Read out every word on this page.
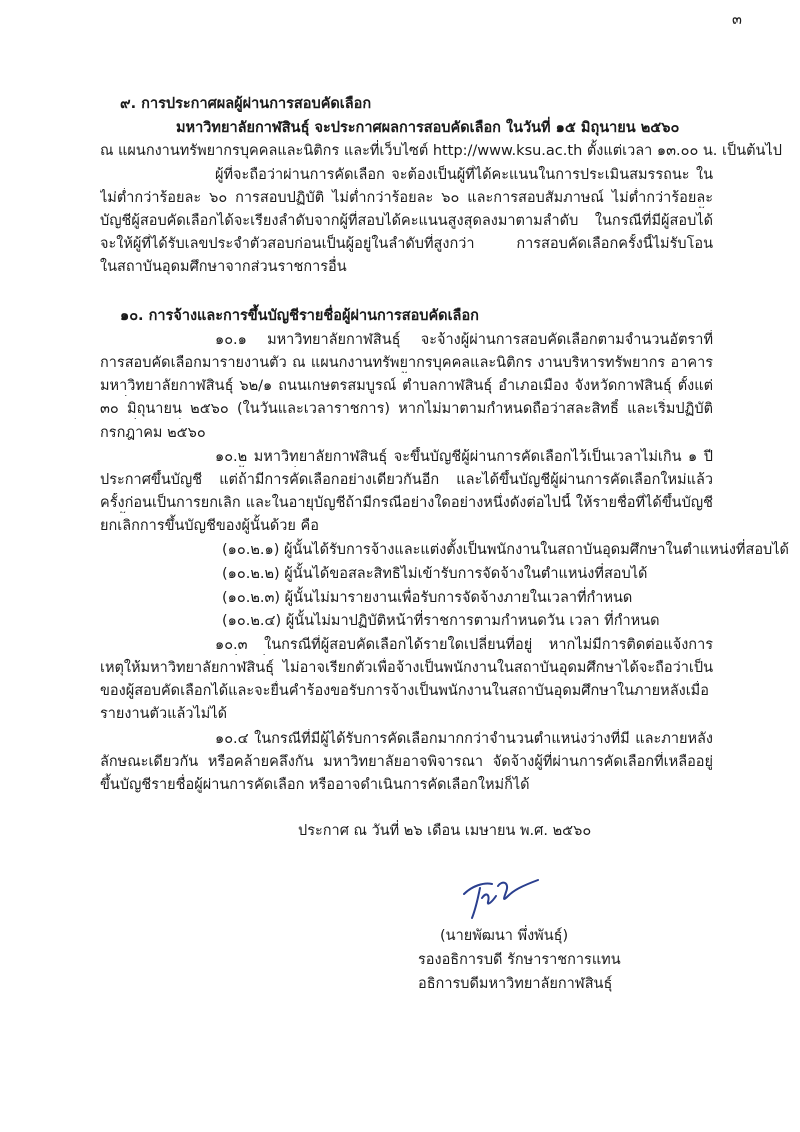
๓
๙. การประกาศผลผู้ผ่านการสอบคัดเลือก
มหาวิทยาลัยกาฬสินธุ์ จะประกาศผลการสอบคัดเลือก ในวันที่ ๑๕ มิถุนายน ๒๕๖๐
ณ แผนกงานทรัพยากรบุคคลและนิติกร และที่เว็บไซต์ http://www.ksu.ac.th ตั้งแต่เวลา ๑๓.๐๐ น. เป็นต้นไป
ผู้ที่จะถือว่าผ่านการคัดเลือก จะต้องเป็นผู้ที่ได้คะแนนในการประเมินสมรรถนะ ใน
ไม่ต่ำกว่าร้อยละ ๖๐ การสอบปฏิบัติ ไม่ต่ำกว่าร้อยละ ๖๐ และการสอบสัมภาษณ์ ไม่ต่ำกว่าร้อยละ
บัญชีผู้สอบคัดเลือกได้จะเรียงลำดับจากผู้ที่สอบได้คะแนนสูงสุดลงมาตามลำดับ ในกรณีที่มีผู้สอบได้
จะให้ผู้ที่ได้รับเลขประจำตัวสอบก่อนเป็นผู้อยู่ในลำดับที่สูงกว่า การสอบคัดเลือกครั้งนี้ไม่รับโอน
ในสถาบันอุดมศึกษาจากส่วนราชการอื่น
๑๐. การจ้างและการขึ้นบัญชีรายชื่อผู้ผ่านการสอบคัดเลือก
๑๐.๑ มหาวิทยาลัยกาฬสินธุ์ จะจ้างผู้ผ่านการสอบคัดเลือกตามจำนวนอัตราที่
การสอบคัดเลือกมารายงานตัว ณ แผนกงานทรัพยากรบุคคลและนิติกร งานบริหารทรัพยากร อาคาร
มหาวิทยาลัยกาฬสินธุ์ ๖๒/๑ ถนนเกษตรสมบูรณ์ ตำบลกาฬสินธุ์ อำเภอเมือง จังหวัดกาฬสินธุ์ ตั้งแต่
๓๐ มิถุนายน ๒๕๖๐ (ในวันและเวลาราชการ) หากไม่มาตามกำหนดถือว่าสละสิทธิ์ และเริ่มปฏิบัติ
กรกฎาคม ๒๕๖๐
๑๐.๒ มหาวิทยาลัยกาฬสินธุ์ จะขึ้นบัญชีผู้ผ่านการคัดเลือกไว้เป็นเวลาไม่เกิน ๑ ปี
ประกาศขึ้นบัญชี แต่ถ้ามีการคัดเลือกอย่างเดียวกันอีก และได้ขึ้นบัญชีผู้ผ่านการคัดเลือกใหม่แล้ว
ครั้งก่อนเป็นการยกเลิก และในอายุบัญชีถ้ามีกรณีอย่างใดอย่างหนึ่งดังต่อไปนี้ ให้รายชื่อที่ได้ขึ้นบัญชี
ยกเลิกการขึ้นบัญชีของผู้นั้นด้วย คือ
(๑๐.๒.๑) ผู้นั้นได้รับการจ้างและแต่งตั้งเป็นพนักงานในสถาบันอุดมศึกษาในตำแหน่งที่สอบได้
(๑๐.๒.๒) ผู้นั้นได้ขอสละสิทธิไม่เข้ารับการจัดจ้างในตำแหน่งที่สอบได้
(๑๐.๒.๓) ผู้นั้นไม่มารายงานเพื่อรับการจัดจ้างภายในเวลาที่กำหนด
(๑๐.๒.๔) ผู้นั้นไม่มาปฏิบัติหน้าที่ราชการตามกำหนดวัน เวลา ที่กำหนด
๑๐.๓ ในกรณีที่ผู้สอบคัดเลือกได้รายใดเปลี่ยนที่อยู่ หากไม่มีการติดต่อแจ้งการ
เหตุให้มหาวิทยาลัยกาฬสินธุ์ ไม่อาจเรียกตัวเพื่อจ้างเป็นพนักงานในสถาบันอุดมศึกษาได้จะถือว่าเป็น
ของผู้สอบคัดเลือกได้และจะยื่นคำร้องขอรับการจ้างเป็นพนักงานในสถาบันอุดมศึกษาในภายหลังเมื่อ
รายงานตัวแล้วไม่ได้
๑๐.๔ ในกรณีที่มีผู้ได้รับการคัดเลือกมากกว่าจำนวนตำแหน่งว่างที่มี และภายหลัง
ลักษณะเดียวกัน หรือคล้ายคลึงกัน มหาวิทยาลัยอาจพิจารณา จัดจ้างผู้ที่ผ่านการคัดเลือกที่เหลืออยู่
ขึ้นบัญชีรายชื่อผู้ผ่านการคัดเลือก หรืออาจดำเนินการคัดเลือกใหม่ก็ได้
ประกาศ ณ วันที่ ๒๖ เดือน เมษายน พ.ศ. ๒๕๖๐
(นายพัฒนา พึ่งพันธุ์)
รองอธิการบดี รักษาราชการแทน
อธิการบดีมหาวิทยาลัยกาฬสินธุ์
